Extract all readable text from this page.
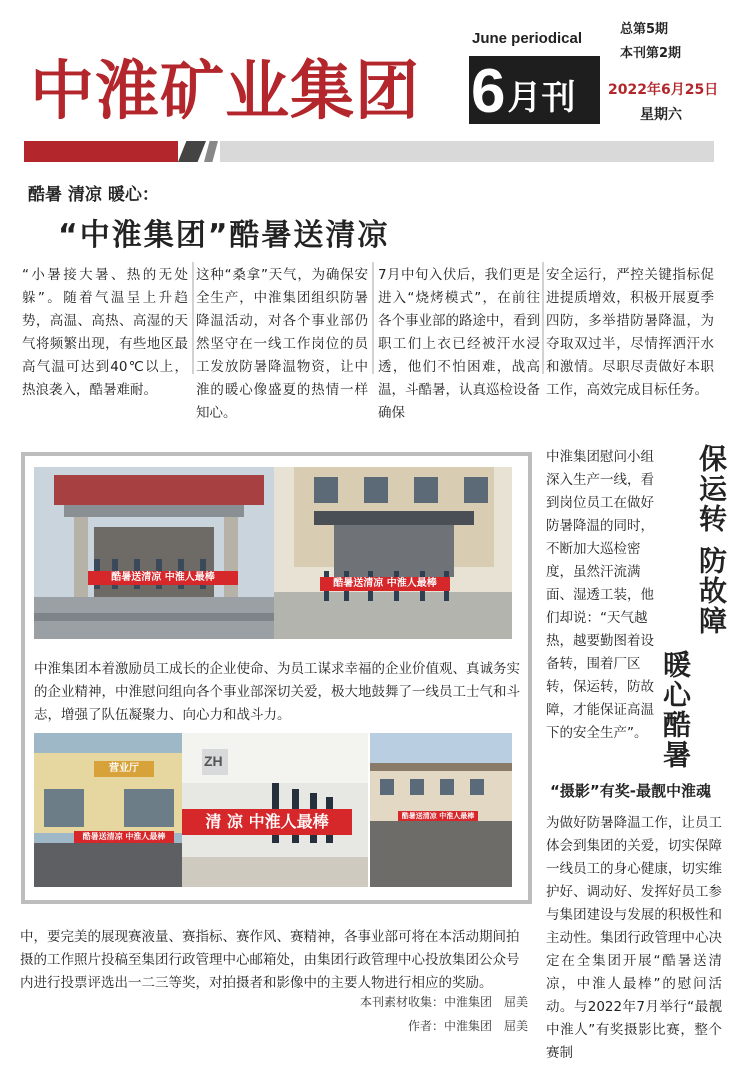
中淮矿业集团
June periodical
6 月刊
总第5期
本刊第2期
2022年6月25日
星期六
酷暑 清凉 暖心：
“中淮集团”酷暑送清凉
“小暑接大暑、热的无处躲”。随着气温呈上升趋势，高温、高热、高湿的天气将频繁出现，有些地区最高气温可达到40℃以上，热浪袭入，酷暑难耐。
这种“桑拿”天气，为确保安全生产，中淮集团组织防暑降温活动，对各个事业部仍然坚守在一线工作岗位的员工发放防暑降温物资，让中淮的暖心像盛夏的热情一样知心。
7月中旬入伏后，我们更是进入“烧烤模式”，在前往各个事业部的路途中，看到职工们上衣已经被汗水浸透，他们不怕困难，战高温，斗酷暑，认真巡检设备确保
安全运行，严控关键指标促进提质增效，积极开展夏季四防，多举措防暑降温，为夺取双过半，尽情挥洒汗水和激情。尽职尽责做好本职工作，高效完成目标任务。
酷暑送清凉 中淮人最棒
酷暑送清凉 中淮人最棒
中淮集团本着激励员工成长的企业使命、为员工谋求幸福的企业价值观、真诚务实的企业精神，中淮慰问组向各个事业部深切关爱，极大地鼓舞了一线员工士气和斗志，增强了队伍凝聚力、向心力和战斗力。
营业厅
酷暑送清凉 中淮人最棒
ZH
清 凉 中淮人最棒	酷暑送清凉 中淮人最棒
中，要完美的展现赛液量、赛指标、赛作风、赛精神，各事业部可将在本活动期间拍摄的工作照片投稿至集团行政管理中心邮箱处，由集团行政管理中心投放集团公众号内进行投票评选出一二三等奖，对拍摄者和影像中的主要人物进行相应的奖励。
本刊素材收集：中淮集团　屈美
作者：中淮集团　屈美
中淮集团慰问小组深入生产一线，看到岗位员工在做好防暑降温的同时，不断加大巡检密度，虽然汗流满面、湿透工装，他们却说：“天气越热，越要勤图着设备转，围着厂区转，保运转，防故障，才能保证高温下的安全生产”。
保运转 防故障
暖心酷暑
“摄影”有奖-最靓中淮魂
为做好防暑降温工作，让员工体会到集团的关爱，切实保障一线员工的身心健康，切实维护好、调动好、发挥好员工参与集团建设与发展的积极性和主动性。集团行政管理中心决定在全集团开展“酷暑送清凉，中淮人最棒”的慰问活动。与2022年7月举行“最靓中淮人”有奖摄影比赛，整个赛制
